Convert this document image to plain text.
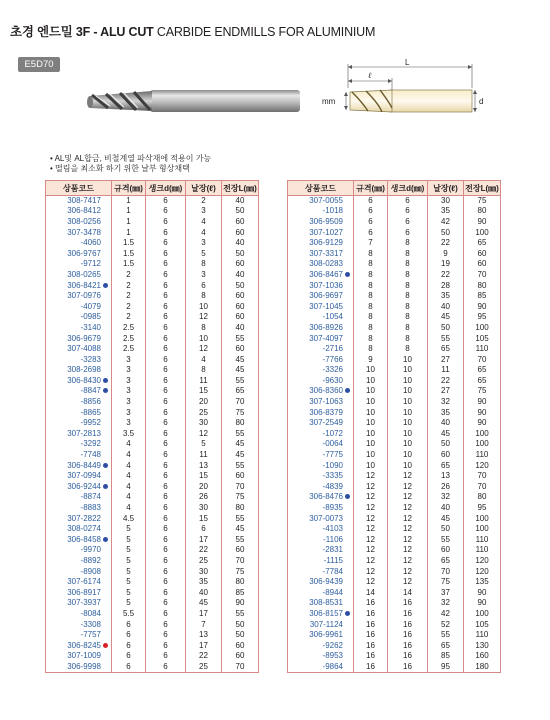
초경 엔드밀 3F - ALU CUT CARBIDE ENDMILLS FOR ALUMINIUM
E5D70	L
ℓ
mm	d
• AL및 AL합금, 비철계열 파삭재에 적용이 가능
• 떨림을 최소화 하기 위한 날부 형상채택
상품코드	규격(㎜)	생크d(㎜)	날장(ℓ)	전장L(㎜)
308-7417	1	6	2	40
306-8412	1	6	3	50
308-0256	1	6	4	60
307-3478	1	6	4	60
-4060	1.5	6	3	40
306-9767	1.5	6	5	50
-9712	1.5	6	8	60
308-0265	2	6	3	40
306-8421	2	6	6	50
307-0976	2	6	8	60
-4079	2	6	10	60
-0985	2	6	12	60
-3140	2.5	6	8	40
306-9679	2.5	6	10	55
307-4088	2.5	6	12	60
-3283	3	6	4	45
308-2698	3	6	8	45
306-8430	3	6	11	55
-8847	3	6	15	65
-8856	3	6	20	70
-8865	3	6	25	75
-9952	3	6	30	80
307-2813	3.5	6	12	55
-3292	4	6	5	45
-7748	4	6	11	45
306-8449	4	6	13	55
307-0994	4	6	15	60
306-9244	4	6	20	70
-8874	4	6	26	75
-8883	4	6	30	80
307-2822	4.5	6	15	55
308-0274	5	6	6	45
306-8458	5	6	17	55
-9970	5	6	22	60
-8892	5	6	25	70
-8908	5	6	30	75
307-6174	5	6	35	80
306-8917	5	6	40	85
307-3937	5	6	45	90
-8084	5.5	6	17	55
-3308	6	6	7	50
-7757	6	6	13	50
306-8245	6	6	17	60
307-1009	6	6	22	60
306-9998	6	6	25	70
상품코드	규격(㎜)	생크d(㎜)	날장(ℓ)	전장L(㎜)
307-0055	6	6	30	75
-1018	6	6	35	80
306-9509	6	6	42	90
307-1027	6	6	50	100
306-9129	7	8	22	65
307-3317	8	8	9	60
308-0283	8	8	19	60
306-8467	8	8	22	70
307-1036	8	8	28	80
306-9697	8	8	35	85
307-1045	8	8	40	90
-1054	8	8	45	95
306-8926	8	8	50	100
307-4097	8	8	55	105
-2716	8	8	65	110
-7766	9	10	27	70
-3326	10	10	11	65
-9630	10	10	22	65
306-8360	10	10	27	75
307-1063	10	10	32	90
306-8379	10	10	35	90
307-2549	10	10	40	90
-1072	10	10	45	100
-0064	10	10	50	100
-7775	10	10	60	110
-1090	10	10	65	120
-3335	12	12	13	70
-4839	12	12	26	70
306-8476	12	12	32	80
-8935	12	12	40	95
307-0073	12	12	45	100
-4103	12	12	50	100
-1106	12	12	55	110
-2831	12	12	60	110
-1115	12	12	65	120
-7784	12	12	70	120
306-9439	12	12	75	135
-8944	14	14	37	90
308-8531	16	16	32	90
306-8157	16	16	42	100
307-1124	16	16	52	105
306-9961	16	16	55	110
-9262	16	16	65	130
-8953	16	16	85	160
-9864	16	16	95	180
